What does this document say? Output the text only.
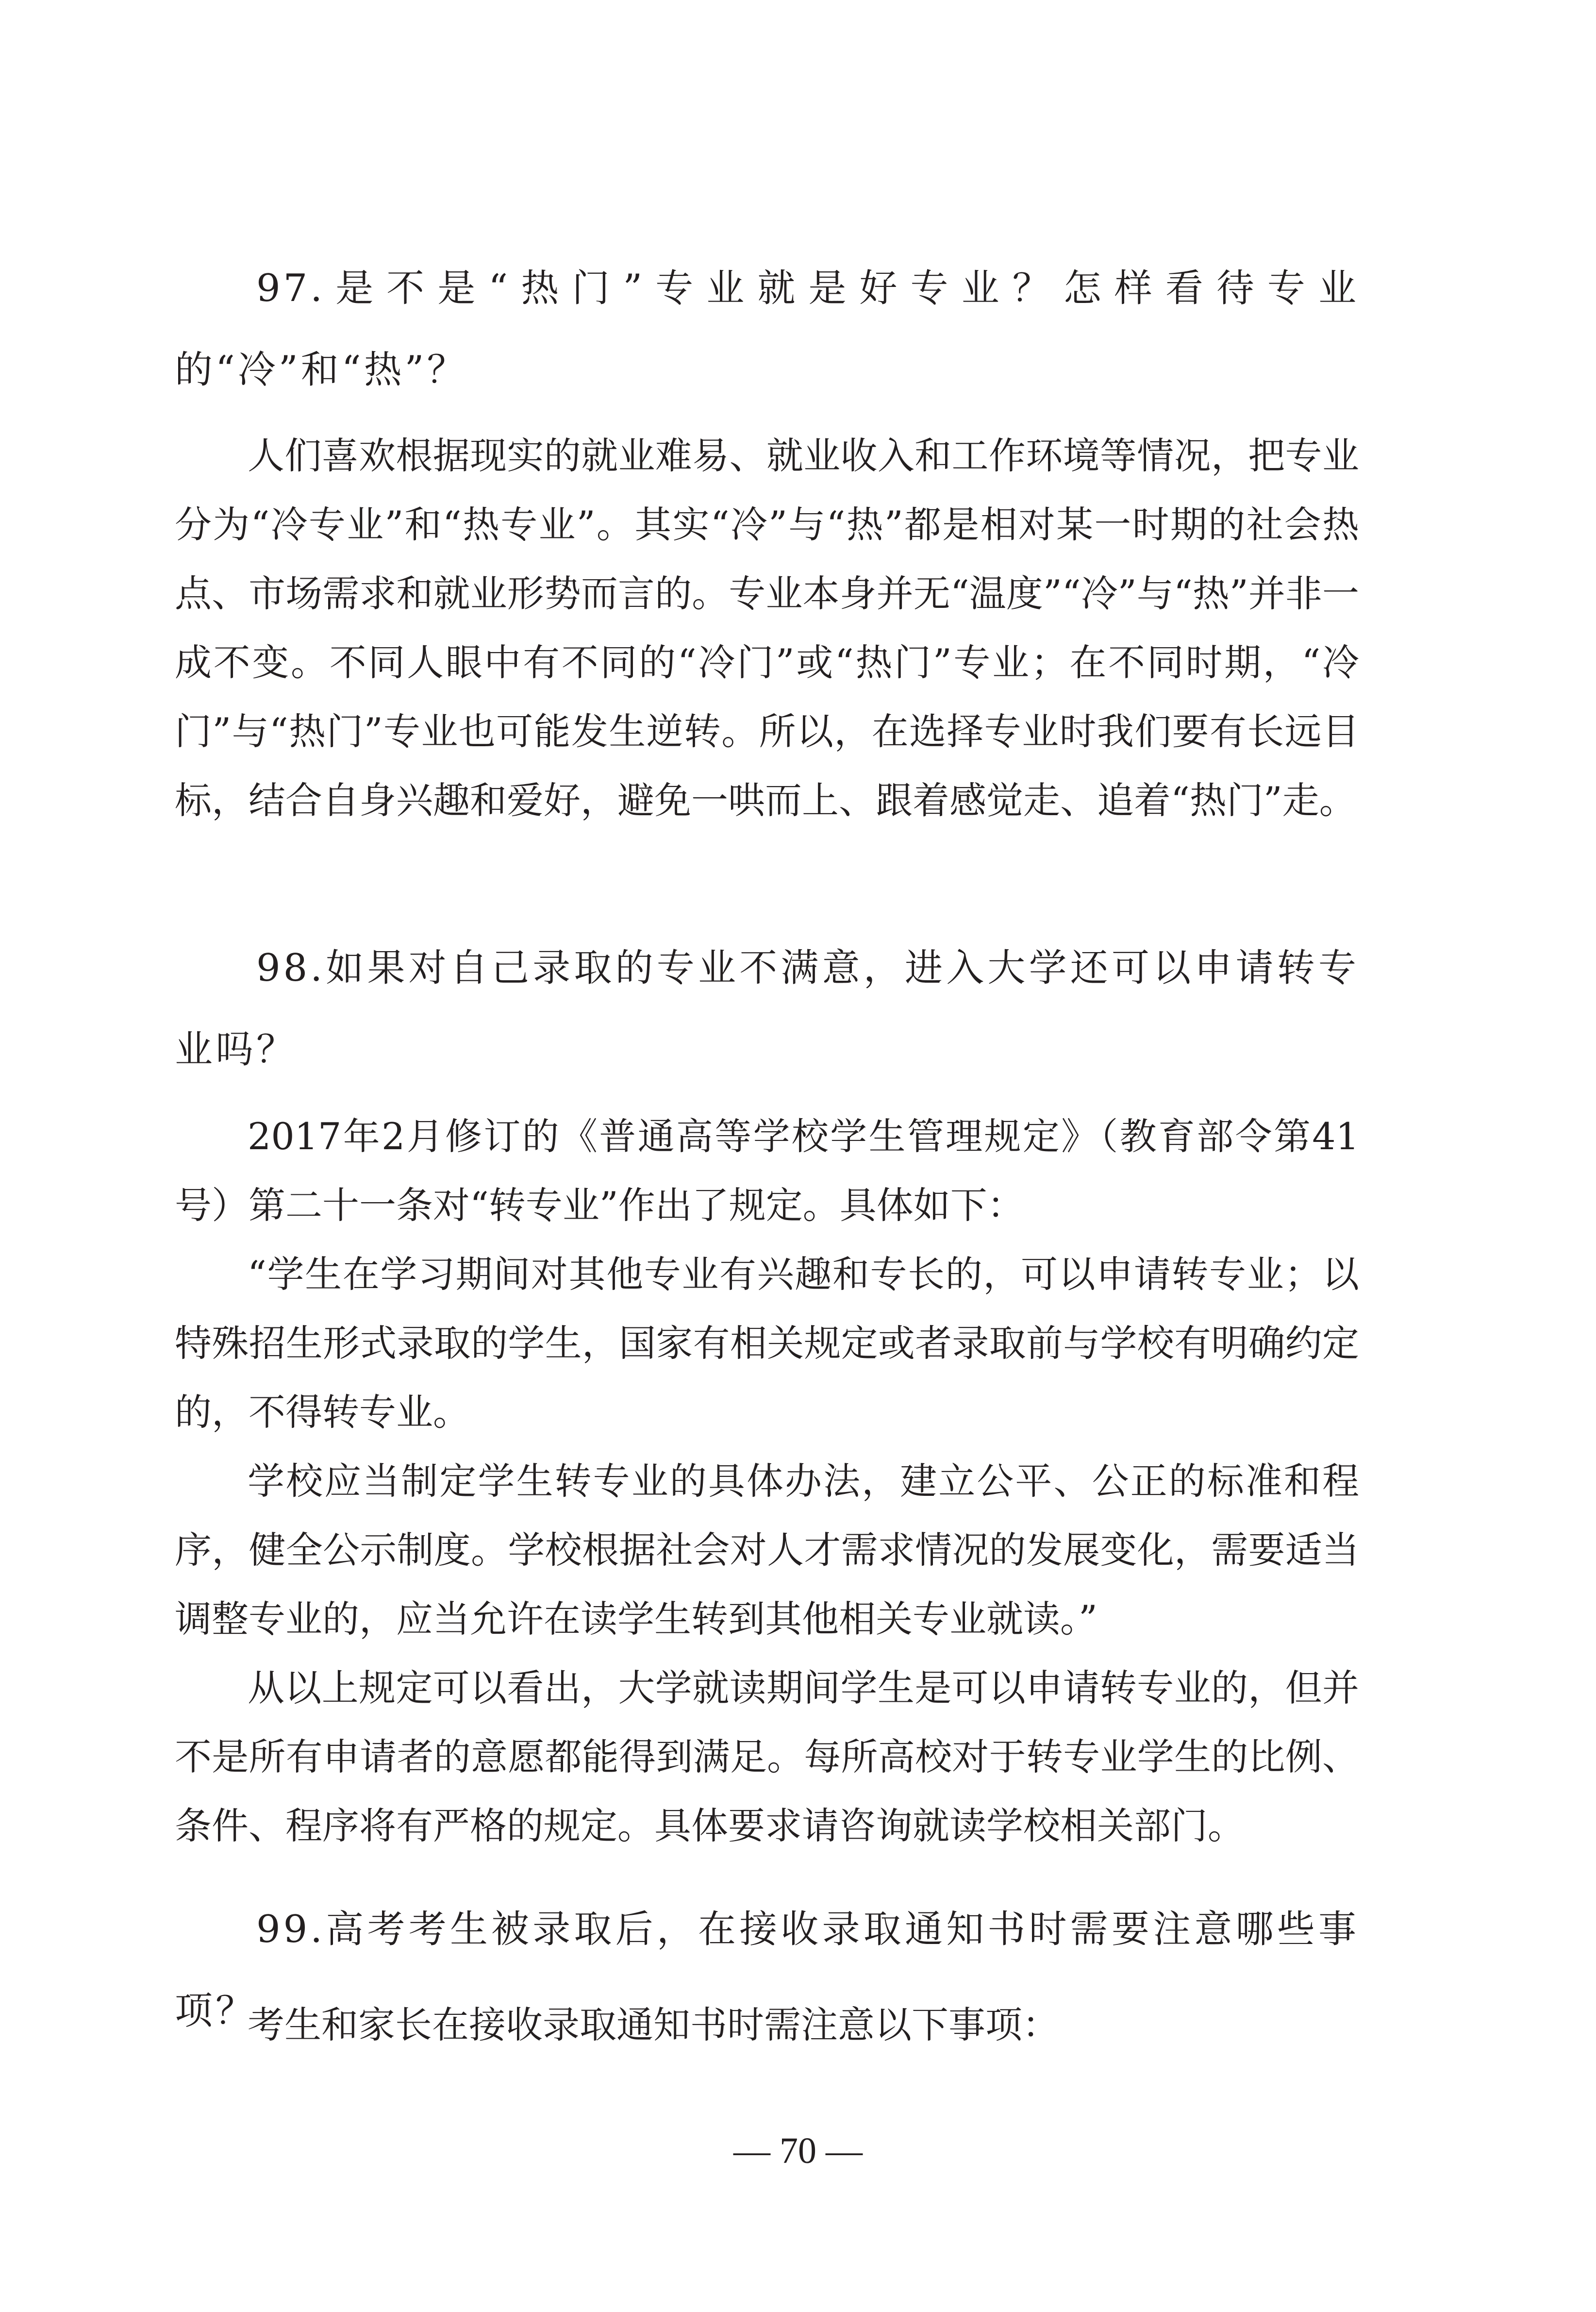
97.是不是“热门”专业就是好专业？怎样看待专业的“冷”和“热”？

人们喜欢根据现实的就业难易、就业收入和工作环境等情况，把专业分为“冷专业”和“热专业”。其实“冷”与“热”都是相对某一时期的社会热点、市场需求和就业形势而言的。专业本身并无“温度”“冷”与“热”并非一成不变。不同人眼中有不同的“冷门”或“热门”专业；在不同时期，“冷门”与“热门”专业也可能发生逆转。所以，在选择专业时我们要有长远目标，结合自身兴趣和爱好，避免一哄而上、跟着感觉走、追着“热门”走。

98.如果对自己录取的专业不满意，进入大学还可以申请转专业吗？

2017年2月修订的《普通高等学校学生管理规定》（教育部令第41号）第二十一条对“转专业”作出了规定。具体如下：

“学生在学习期间对其他专业有兴趣和专长的，可以申请转专业；以特殊招生形式录取的学生，国家有相关规定或者录取前与学校有明确约定的，不得转专业。

学校应当制定学生转专业的具体办法，建立公平、公正的标准和程序，健全公示制度。学校根据社会对人才需求情况的发展变化，需要适当调整专业的，应当允许在读学生转到其他相关专业就读。”

从以上规定可以看出，大学就读期间学生是可以申请转专业的，但并不是所有申请者的意愿都能得到满足。每所高校对于转专业学生的比例、条件、程序将有严格的规定。具体要求请咨询就读学校相关部门。

99.高考考生被录取后，在接收录取通知书时需要注意哪些事项？

考生和家长在接收录取通知书时需注意以下事项：

— 70 —
